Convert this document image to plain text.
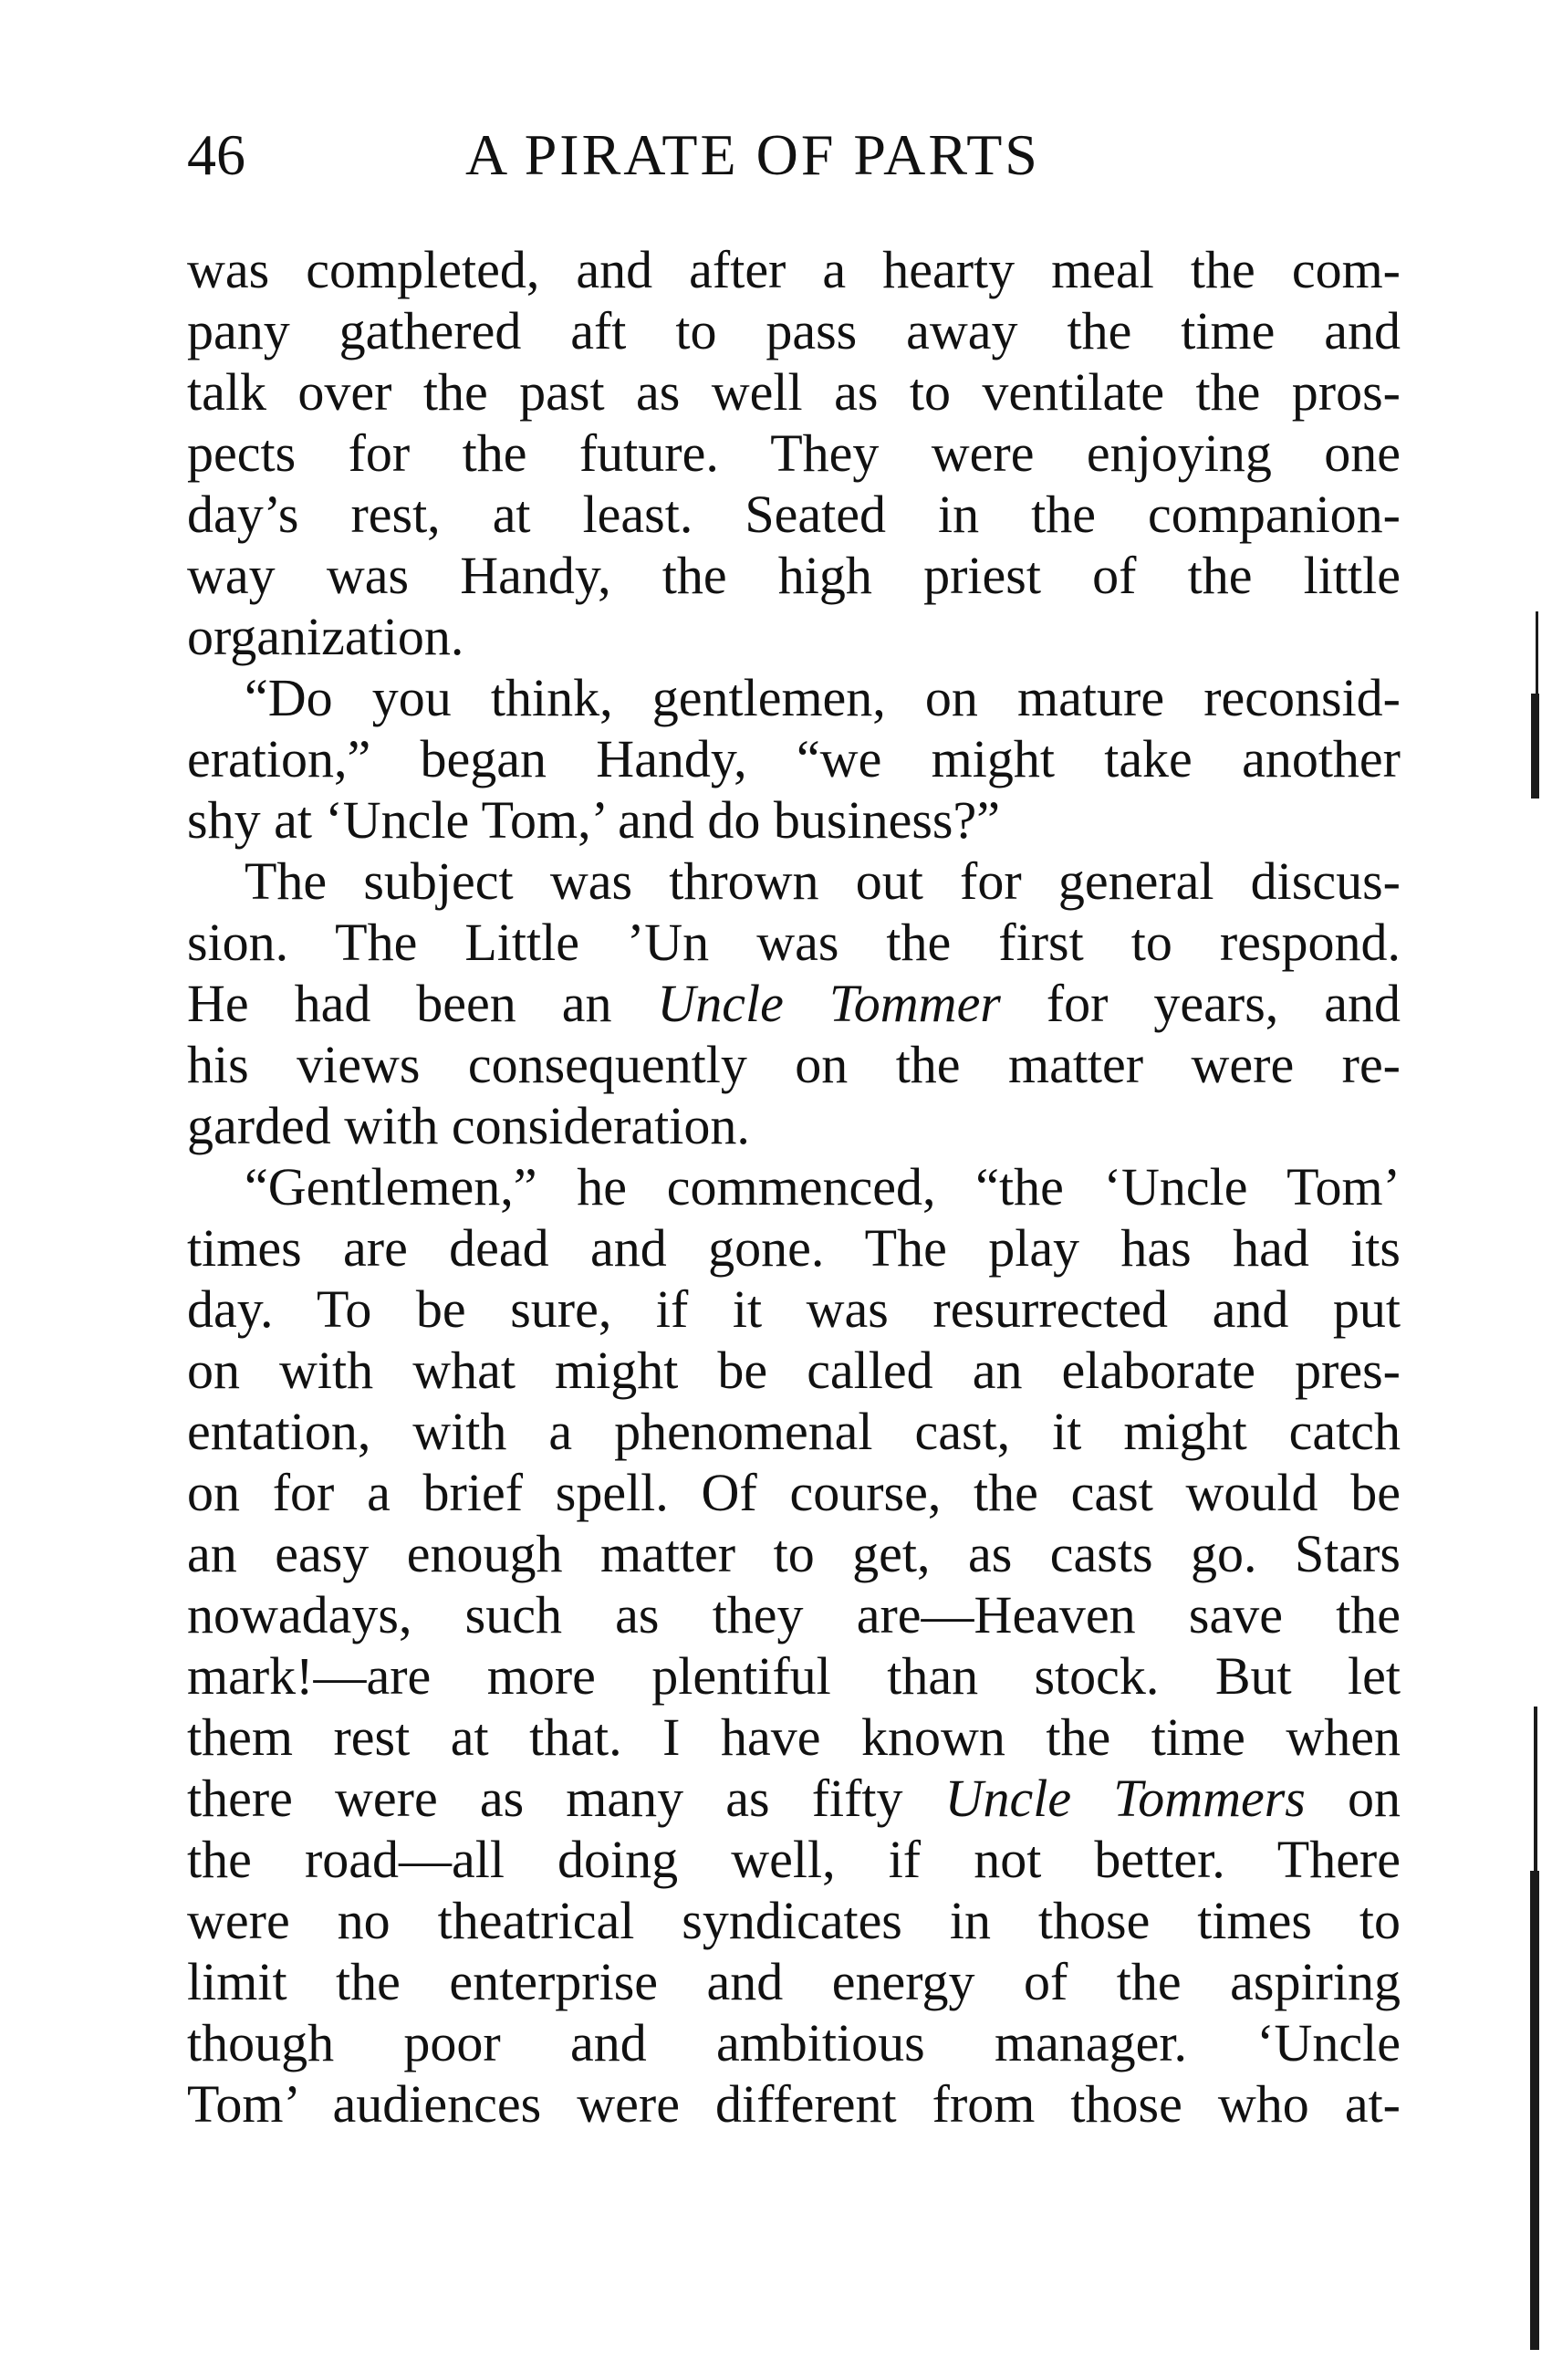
46	A PIRATE OF PARTS
was completed, and after a hearty meal the com-
pany gathered aft to pass away the time and
talk over the past as well as to ventilate the pros-
pects for the future. They were enjoying one
day’s rest, at least. Seated in the companion-
way was Handy, the high priest of the little
organization.
“Do you think, gentlemen, on mature reconsid-
eration,” began Handy, “we might take another
shy at ‘Uncle Tom,’ and do business?”
The subject was thrown out for general discus-
sion. The Little ’Un was the first to respond.
He had been an Uncle Tommer for years, and
his views consequently on the matter were re-
garded with consideration.
“Gentlemen,” he commenced, “the ‘Uncle Tom’
times are dead and gone. The play has had its
day. To be sure, if it was resurrected and put
on with what might be called an elaborate pres-
entation, with a phenomenal cast, it might catch
on for a brief spell. Of course, the cast would be
an easy enough matter to get, as casts go. Stars
nowadays, such as they are—Heaven save the
mark!—are more plentiful than stock. But let
them rest at that. I have known the time when
there were as many as fifty Uncle Tommers on
the road—all doing well, if not better. There
were no theatrical syndicates in those times to
limit the enterprise and energy of the aspiring
though poor and ambitious manager. ‘Uncle
Tom’ audiences were different from those who at-
